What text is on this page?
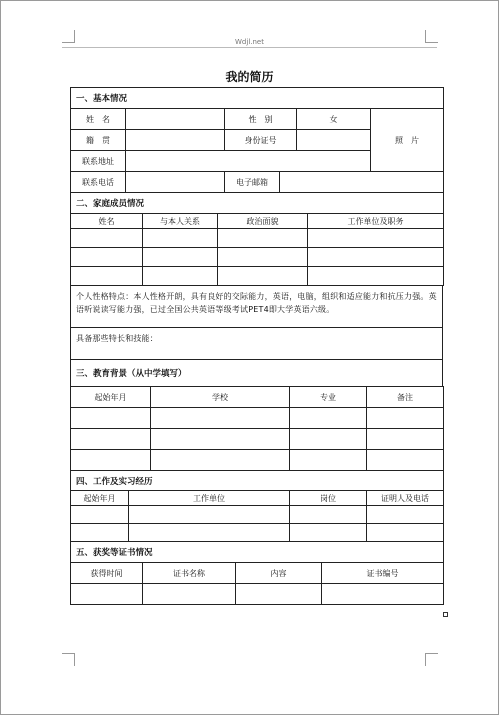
Wdjl.net
我的简历
一、基本情况					
姓　名		性　别		女	照　片
籍　贯		身份证号			
联系地址					
联系电话		电子邮箱			
二、家庭成员情况					
姓名	与本人关系	政治面貌	工作单位及职务

个人性格特点：本人性格开朗，具有良好的交际能力，英语，电脑，组织和适应能力和抗压力强。英语听说读写能力强，已过全国公共英语等级考试PET4即大学英语六级。
具备那些特长和技能：
三、教育背景（从中学填写）
起始年月	学校	专业	备注

四、工作及实习经历			
起始年月	工作单位	岗位	证明人及电话

五、获奖等证书情况			
获得时间	证书名称	内容	证书编号
